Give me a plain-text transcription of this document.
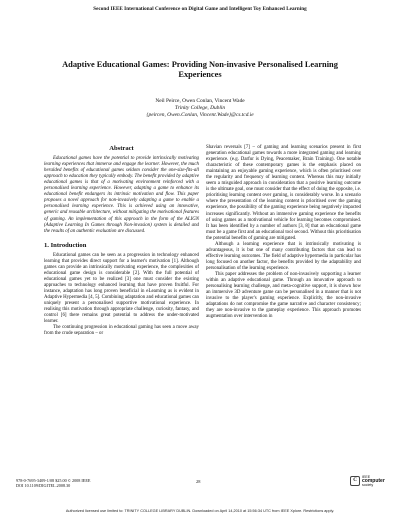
Second IEEE International Conference on Digital Game and Intelligent Toy Enhanced Learning
Adaptive Educational Games: Providing Non-invasive Personalised Learning Experiences
Neil Peirce, Owen Conlan, Vincent Wade
Trinity College, Dublin
{peircen, Owen.Conlan, Vincent.Wade}@cs.tcd.ie
Abstract

Educational games have the potential to provide intrinsically motivating learning experiences that immerse and engage the learner. However, the much heralded benefits of educational games seldom consider the one-size-fits-all approach to education they typically embody. The benefit provided by adaptive educational games is that of a motivating environment reinforced with a personalised learning experience. However, adapting a game to enhance its educational benefit endangers its intrinsic motivation and flow. This paper proposes a novel approach for non-invasively adapting a game to enable a personalised learning experience. This is achieved using an innovative, generic and reusable architecture, without mitigating the motivational features of gaming. An implementation of this approach in the form of the ALIGN (Adaptive Learning In Games through Non-invasion) system is detailed and the results of an authentic evaluation are discussed.

1. Introduction

Educational games can be seen as a progression in technology enhanced learning that provides direct support for a learner's motivation [1]. Although games can provide an intrinsically motivating experience, the complexities of educational game design is considerable [2]. With the full potential of educational games yet to be realized [3] one must consider the existing approaches to technology enhanced learning that have proven fruitful. For instance, adaptation has long proven beneficial in eLearning as is evident in Adaptive Hypermedia [4, 5]. Combining adaptation and educational games can uniquely present a personalised supportive motivational experience. In realising this motivation through appropriate challenge, curiosity, fantasy, and control [6] there remains great potential to address the under-motivated learner.

The continuing progression in educational gaming has seen a move away from the crude separation – or

Shavian reversals [7] – of gaming and learning scenarios present in first generation educational games towards a more integrated gaming and learning experience. (e.g. Darfur is Dying, Peacemaker, Brain Training). One notable characteristic of these contemporary games is the emphasis placed on maintaining an enjoyable gaming experience, which is often prioritised over the regularity and frequency of learning content. Whereas this may initially seem a misguided approach in consideration that a positive learning outcome is the ultimate goal, one must consider that the effect of doing the opposite, i.e. prioritising learning content over gaming, is considerably worse. In a scenario where the presentation of the learning content is prioritised over the gaming experience, the possibility of the gaming experience being negatively impacted increases significantly. Without an immersive gaming experience the benefits of using games as a motivational vehicle for learning becomes compromised. It has been identified by a number of authors [3, 8] that an educational game must be a game first and an educational tool second. Without this prioritisation the potential benefits of gaming are mitigated.

Although a learning experience that is intrinsically motivating is advantageous, it is but one of many contributing factors that can lead to effective learning outcomes. The field of adaptive hypermedia in particular has long focused on another factor, the benefits provided by the adaptability and personalisation of the learning experience.

This paper addresses the problem of non-invasively supporting a learner within an adaptive educational game. Through an innovative approach to personalising learning challenge, and meta-cognitive support, it is shown how an immersive 3D adventure game can be personalised in a manner that is not invasive to the player's gaming experience. Explicitly, the non-invasive adaptations do not compromise the game narrative and character consistency; they are non-invasive to the gameplay experience. This approach promotes augmentation over intervention in

978-0-7695-3409-1/08 $25.00 © 2008 IEEE
DOI 10.1109/DIGITEL.2008.30
28	C
IEEE
computer
society
Authorized licensed use limited to: TRINITY COLLEGE LIBRARY DUBLIN. Downloaded on April 14,2010 at 15:56:34 UTC from IEEE Xplore. Restrictions apply.
